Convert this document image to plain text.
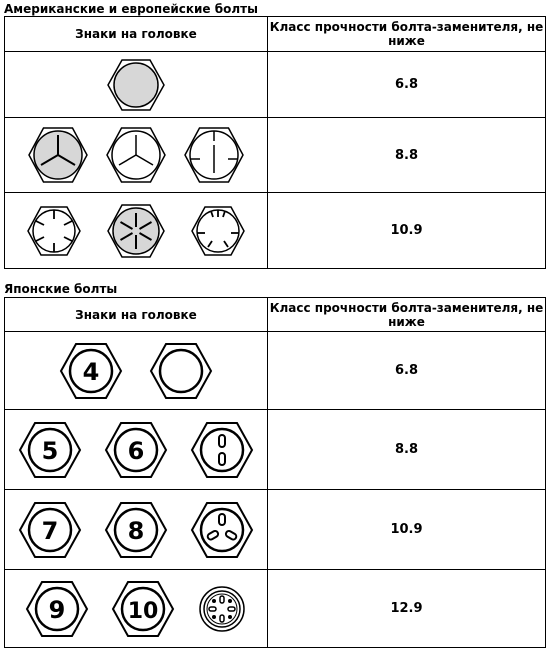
Американские и европейские болты
Знаки на головке	Класс прочности болта-заменителя, не ниже

	6.8

	8.8

	10.9
Японские болты
Знаки на головке	Класс прочности болта-заменителя, не ниже

4	6.8

5 6	8.8

7 8	10.9

9 10	12.9
